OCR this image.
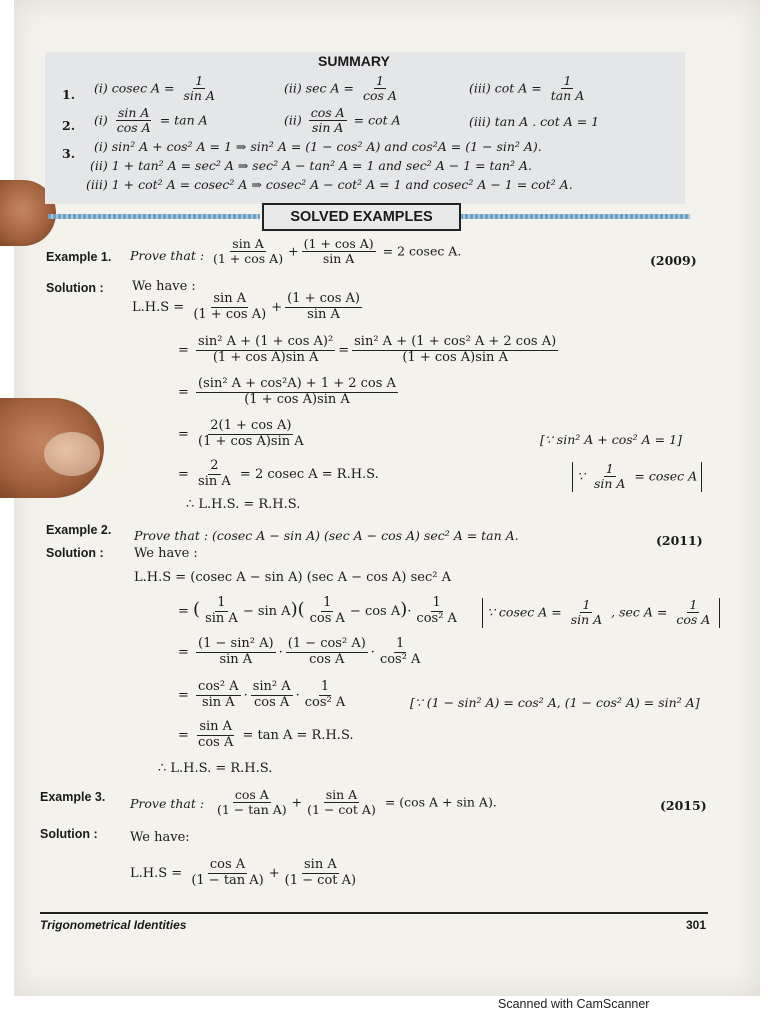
SUMMARY
1. (i) cosec $A = \frac{1}{\text{sin A}}$	(ii) $\sec A = \frac{1}{\text{cos A}}$	(iii) $\cot A = \frac{1}{\text{tan A}}$
2. $(i) \frac{\text{sin A}}{\text{cos A}} = \tan A$	$(ii) \frac{\text{cos A}}{\text{sin A}} = \cot A$	(iii) tan A . cot A = 1
3. (i) sin² A + cos² A = 1 ⇒ sin² A = (1 − cos² A) and cos²A = (1 − sin² A).
(ii) 1 + tan² A = sec² A ⇒ sec² A − tan² A = 1 and sec² A − 1 = tan² A.
(iii) 1 + cot² A = cosec² A ⇒ cosec² A − cot² A = 1 and cosec² A − 1 = cot² A.
SOLVED EXAMPLES
Example 1. Prove that : $\frac{\text{sin A}}{\text{(1 + cos A)}} + \frac{\text{(1 + cos A)}}{\text{sin A}} = 2$ cosec A.
(2009)
Solution : We have :
$L.H.S = \frac{\text{sin A}}{\text{(1 + cos A)}} + \frac{\text{(1 + cos A)}}{\text{sin A}}$
= $\frac{\text{sin² A + (1 + cos A)²}}{\text{(1 + cos A)sin A}} = \frac{\text{sin² A + (1 + cos² A + 2 cos A)}}{\text{(1 + cos A)sin A}}$
= $\frac{\text{(sin² A + cos²A) + 1 + 2 cos A}}{\text{(1 + cos A)sin A}}$
= $\frac{\text{2(1 + cos A)}}{\text{(1 + cos A)sin A}}$	[∵ sin² A + cos² A = 1]
= $\frac{2}{\text{sin A}} = 2$ cosec A = R.H.S.	∵ $\frac{1}{\text{sin A}} = cosec$ A
∴ L.H.S. = R.H.S.
Example 2. Prove that : (cosec A − sin A) (sec A − cos A) sec² A = tan A.	(2011)
Solution : We have :
L.H.S = (cosec A − sin A) (sec A − cos A) sec² A
= ( $\frac{1}{\text{sin A}} - \sin A)( \frac{1}{\text{cos A}} - \cos A)\cdot \frac{1}{\text{cos² A}}$	∵ cosec $A = \frac{1}{\text{sin A}}$ , $\sec A = \frac{1}{\text{cos A}}$
= $\frac{\text{(1 − sin² A)}}{\text{sin A}} \cdot \frac{\text{(1 − cos² A)}}{\text{cos A}} \cdot \frac{1}{\text{cos² A}}$
= $\frac{\text{cos² A}}{\text{sin A}} \cdot \frac{\text{sin² A}}{\text{cos A}} \cdot \frac{1}{\text{cos² A}}$	[∵ (1 − sin² A) = cos² A, (1 − cos² A) = sin² A]
= $\frac{\text{sin A}}{\text{cos A}} = \tan A = R.H.S$.
∴ L.H.S. = R.H.S.
Example 3. Prove that : $\frac{\text{cos A}}{\text{(1 − tan A)}} + \frac{\text{sin A}}{\text{(1 − cot A)}} = (\cos$ A + sin A).	(2015)
Solution : We have:
$L.H.S = \frac{\text{cos A}}{\text{(1 − tan A)}} + \frac{\text{sin A}}{\text{(1 − cot A)}}$
Trigonometrical Identities	301
Scanned with CamScanner
